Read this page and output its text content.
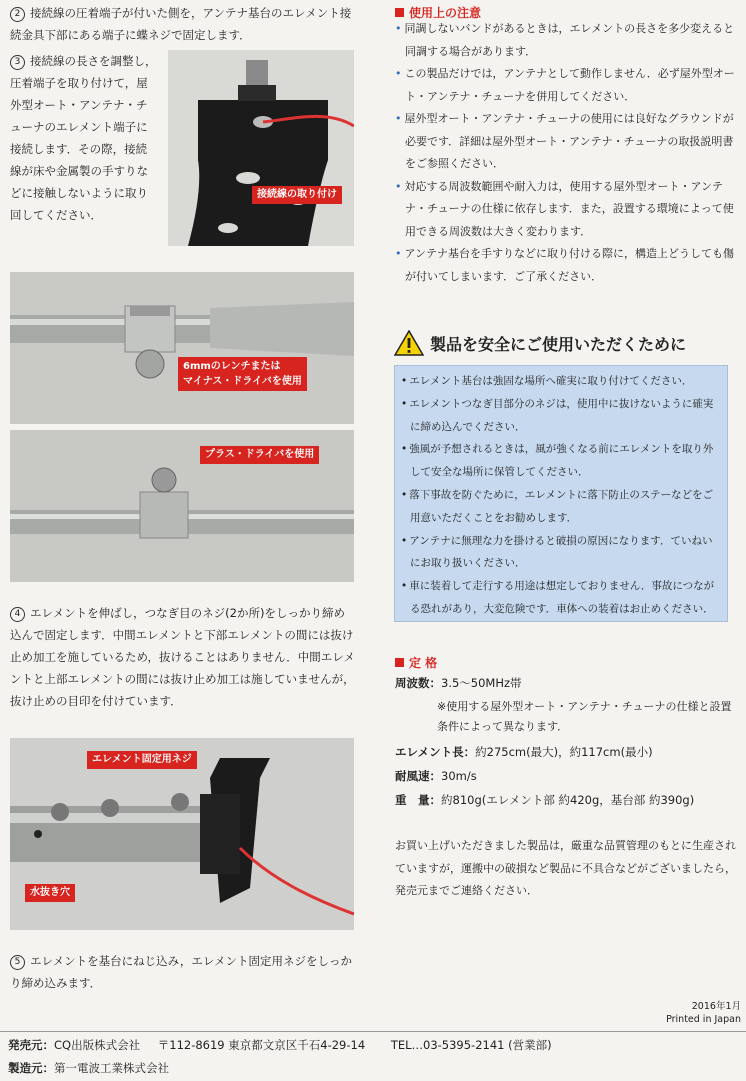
2 接続線の圧着端子が付いた側を，アンテナ基台のエレメント接続金具下部にある端子に蝶ネジで固定します．
3 接続線の長さを調整し，圧着端子を取り付けて，屋外型オート・アンテナ・チューナのエレメント端子に接続します．その際，接続線が床や金属製の手すりなどに接触しないように取り回してください．
接続線の取り付け
6mmのレンチまたは
マイナス・ドライバを使用
プラス・ドライバを使用
4 エレメントを伸ばし，つなぎ目のネジ(2か所)をしっかり締め込んで固定します．中間エレメントと下部エレメントの間には抜け止め加工を施しているため，抜けることはありません．中間エレメントと上部エレメントの間には抜け止め加工は施していませんが，抜け止めの目印を付けています．
エレメント固定用ネジ
水抜き穴
5 エレメントを基台にねじ込み，エレメント固定用ネジをしっかり締め込みます．
使用上の注意
• 同調しないバンドがあるときは，エレメントの長さを多少変えると同調する場合があります．
• この製品だけでは，アンテナとして動作しません．必ず屋外型オート・アンテナ・チューナを併用してください．
• 屋外型オート・アンテナ・チューナの使用には良好なグラウンドが必要です．詳細は屋外型オート・アンテナ・チューナの取扱説明書をご参照ください．
• 対応する周波数範囲や耐入力は，使用する屋外型オート・アンテナ・チューナの仕様に依存します．また，設置する環境によって使用できる周波数は大きく変わります．
• アンテナ基台を手すりなどに取り付ける際に，構造上どうしても傷が付いてしまいます．ご了承ください．
製品を安全にご使用いただくために
• エレメント基台は強固な場所へ確実に取り付けてください．
• エレメントつなぎ目部分のネジは，使用中に抜けないように確実に締め込んでください．
• 強風が予想されるときは，風が強くなる前にエレメントを取り外して安全な場所に保管してください．
• 落下事故を防ぐために，エレメントに落下防止のステーなどをご用意いただくことをお勧めします．
• アンテナに無理な力を掛けると破損の原因になります．ていねいにお取り扱いください．
• 車に装着して走行する用途は想定しておりません．事故につながる恐れがあり，大変危険です．車体への装着はお止めください．
定 格
周波数：3.5～50MHz帯
※使用する屋外型オート・アンテナ・チューナの仕様と設置条件によって異なります．
エレメント長：約275cm(最大)，約117cm(最小)
耐風速：30m/s
重　量：約810g(エレメント部 約420g，基台部 約390g)
お買い上げいただきました製品は，厳重な品質管理のもとに生産されていますが，運搬中の破損など製品に不具合などがございましたら，発売元までご連絡ください．
2016年1月
Printed in Japan
発売元：CQ出版株式会社 〒112-8619 東京都文京区千石4-29-14 TEL…03-5395-2141 (営業部)
製造元：第一電波工業株式会社
